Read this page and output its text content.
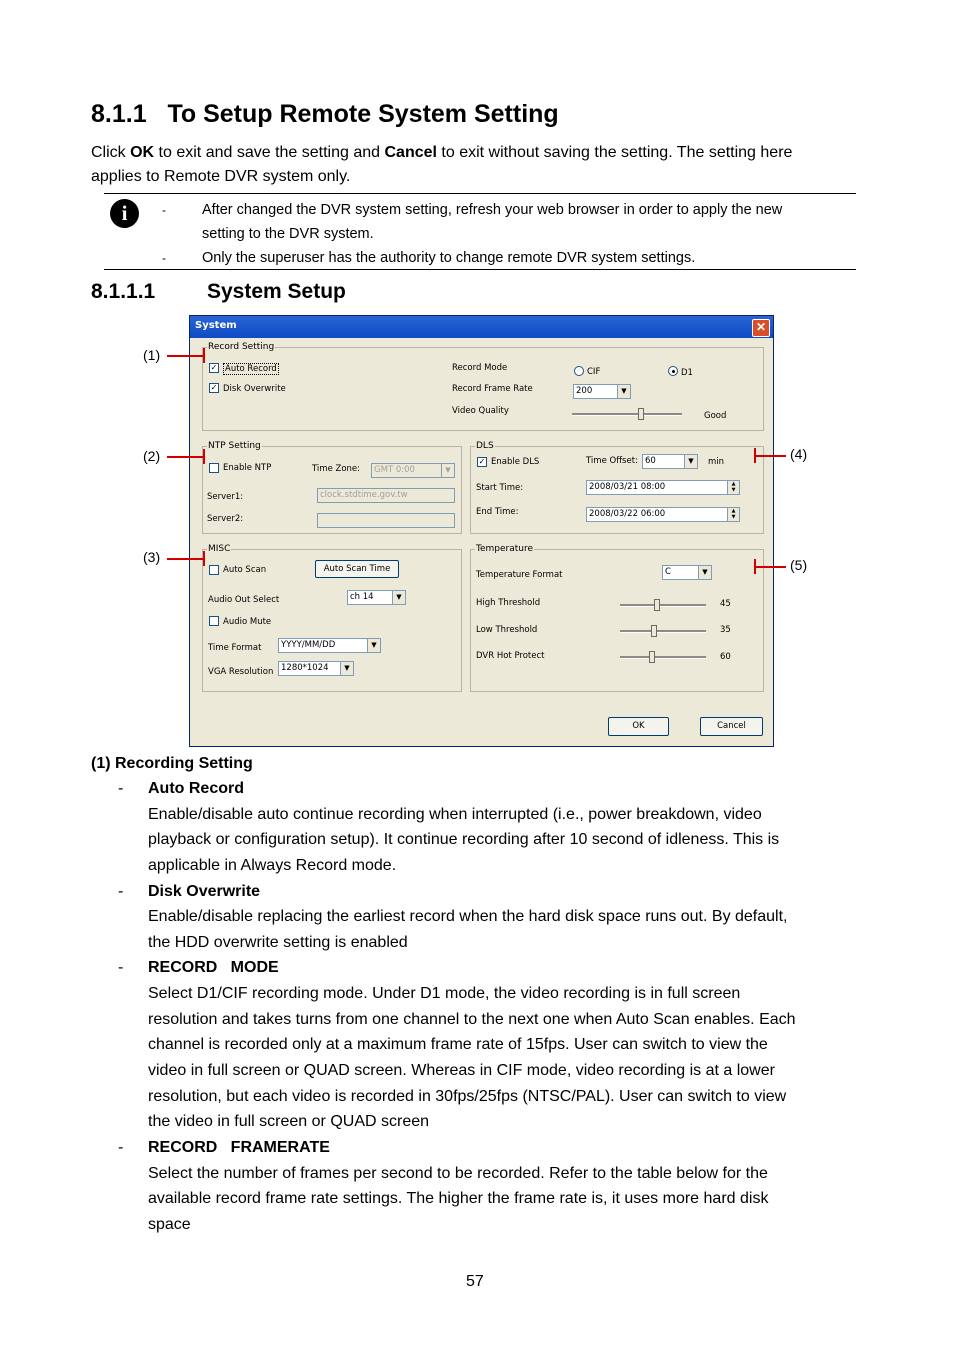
8.1.1   To Setup Remote System Setting
Click OK to exit and save the setting and Cancel to exit without saving the setting. The setting here
applies to Remote DVR system only.
i	- After changed the DVR system setting, refresh your web browser in order to apply the new
setting to the DVR system.
- Only the superuser has the authority to change remote DVR system settings.
8.1.1.1 System Setup
System	✕
Record Setting
✓ Auto Record
✓ Disk Overwrite
Record Mode	CIF	D1
Record Frame Rate	200	▼
Video Quality	Good
NTP Setting
Enable NTP	Time Zone:	GMT 0:00	▼
Server1:	clock.stdtime.gov.tw
Server2:
DLS
✓ Enable DLS	Time Offset: 60	▼	min
Start Time:	2008/03/21 08:00	▲
▼
End Time:	2008/03/22 06:00	▲
▼
MISC
Auto Scan	Auto Scan Time
Audio Out Select	ch 14	▼
Audio Mute
Time Format	YYYY/MM/DD	▼
VGA Resolution 1280*1024	▼
Temperature
Temperature Format	C	▼
High Threshold	45
Low Threshold	35
DVR Hot Protect	60
OK	Cancel
(1)
(2)
(3)
(4)
(5)
(1) Recording Setting
- Auto Record
Enable/disable auto continue recording when interrupted (i.e., power breakdown, video
playback or configuration setup). It continue recording after 10 second of idleness. This is
applicable in Always Record mode.
- Disk Overwrite
Enable/disable replacing the earliest record when the hard disk space runs out. By default,
the HDD overwrite setting is enabled
- RECORD   MODE
Select D1/CIF recording mode. Under D1 mode, the video recording is in full screen
resolution and takes turns from one channel to the next one when Auto Scan enables. Each
channel is recorded only at a maximum frame rate of 15fps. User can switch to view the
video in full screen or QUAD screen. Whereas in CIF mode, video recording is at a lower
resolution, but each video is recorded in 30fps/25fps (NTSC/PAL). User can switch to view
the video in full screen or QUAD screen
- RECORD   FRAMERATE
Select the number of frames per second to be recorded. Refer to the table below for the
available record frame rate settings. The higher the frame rate is, it uses more hard disk
space
57
